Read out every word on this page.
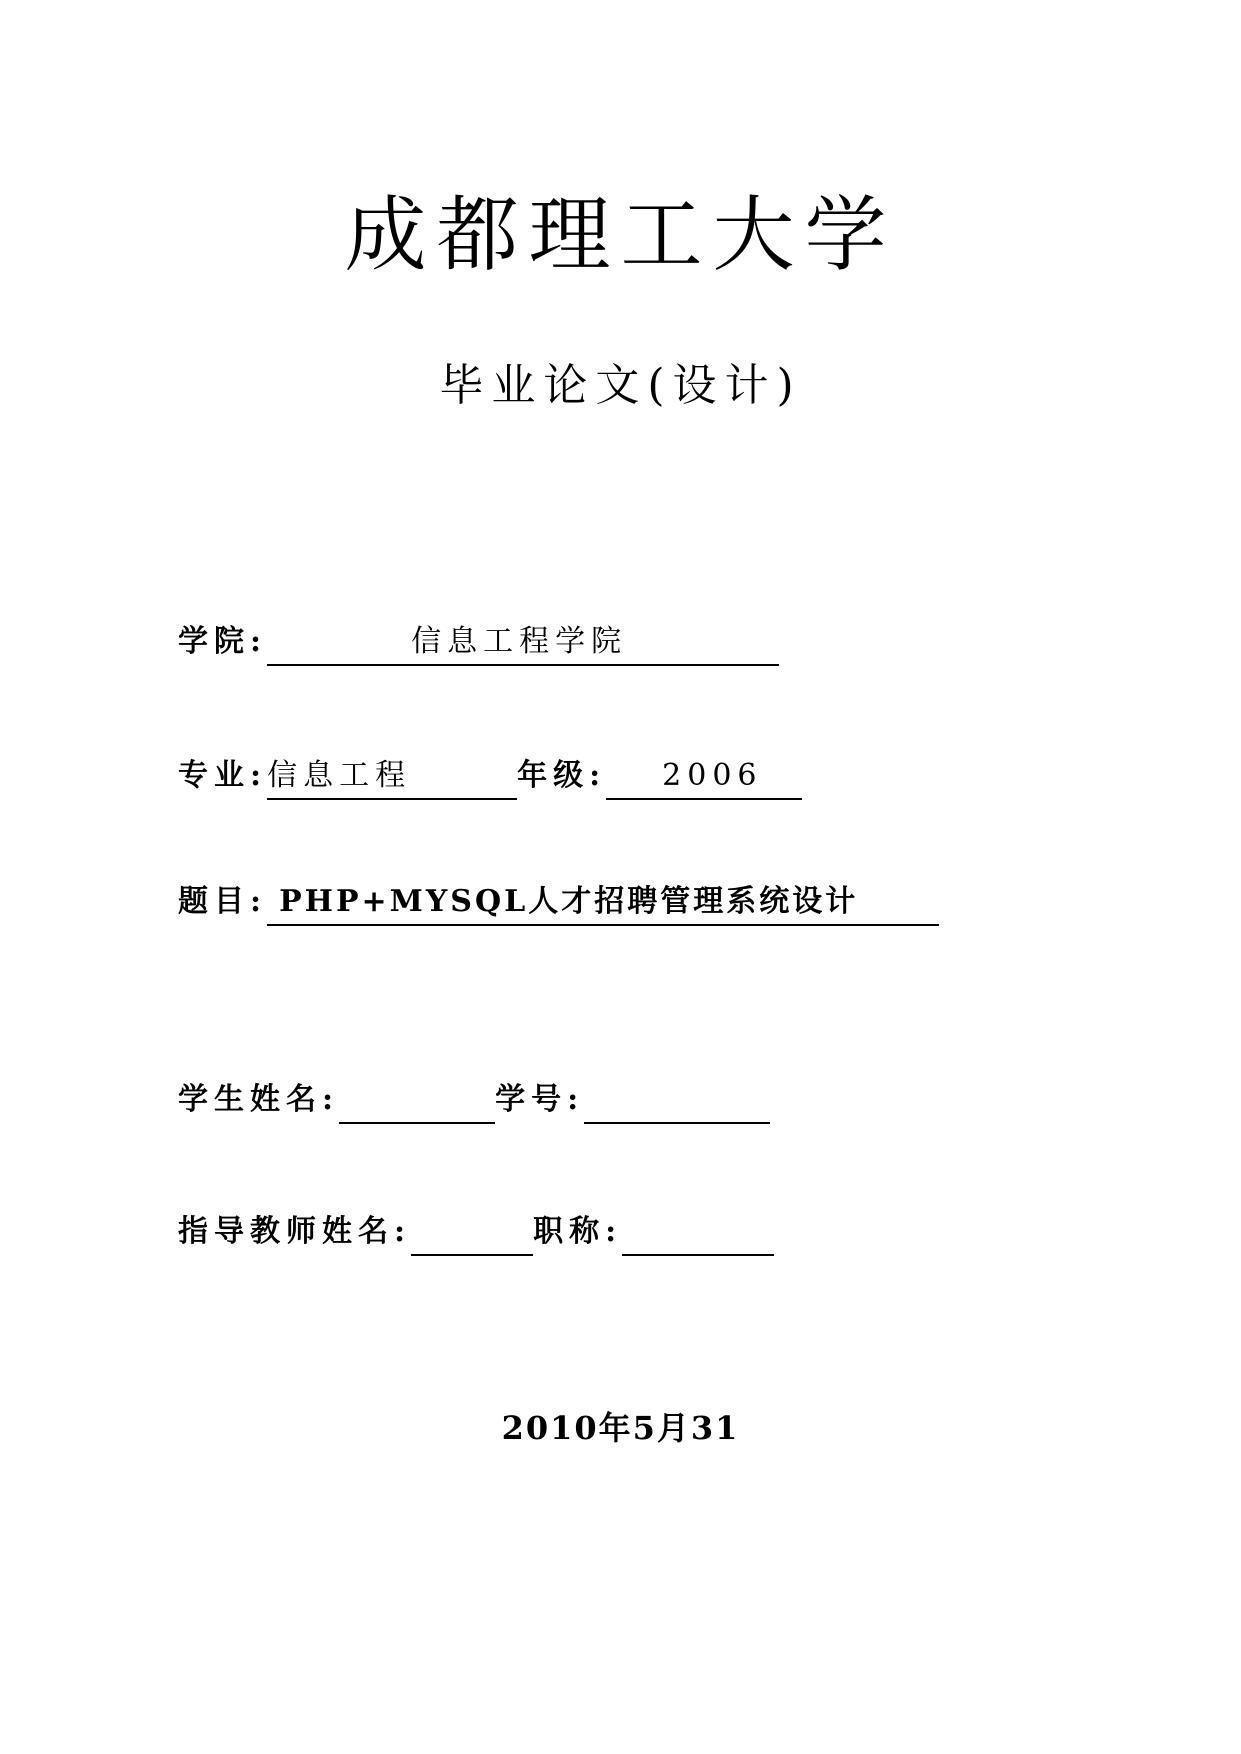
成都理工大学
毕业论文(设计)
学院:	信息工程学院
专业:信息工程	年级: 2006
题目: PHP+MYSQL人才招聘管理系统设计
学生姓名:	学号:
指导教师姓名:	职称:
2010年5月31
